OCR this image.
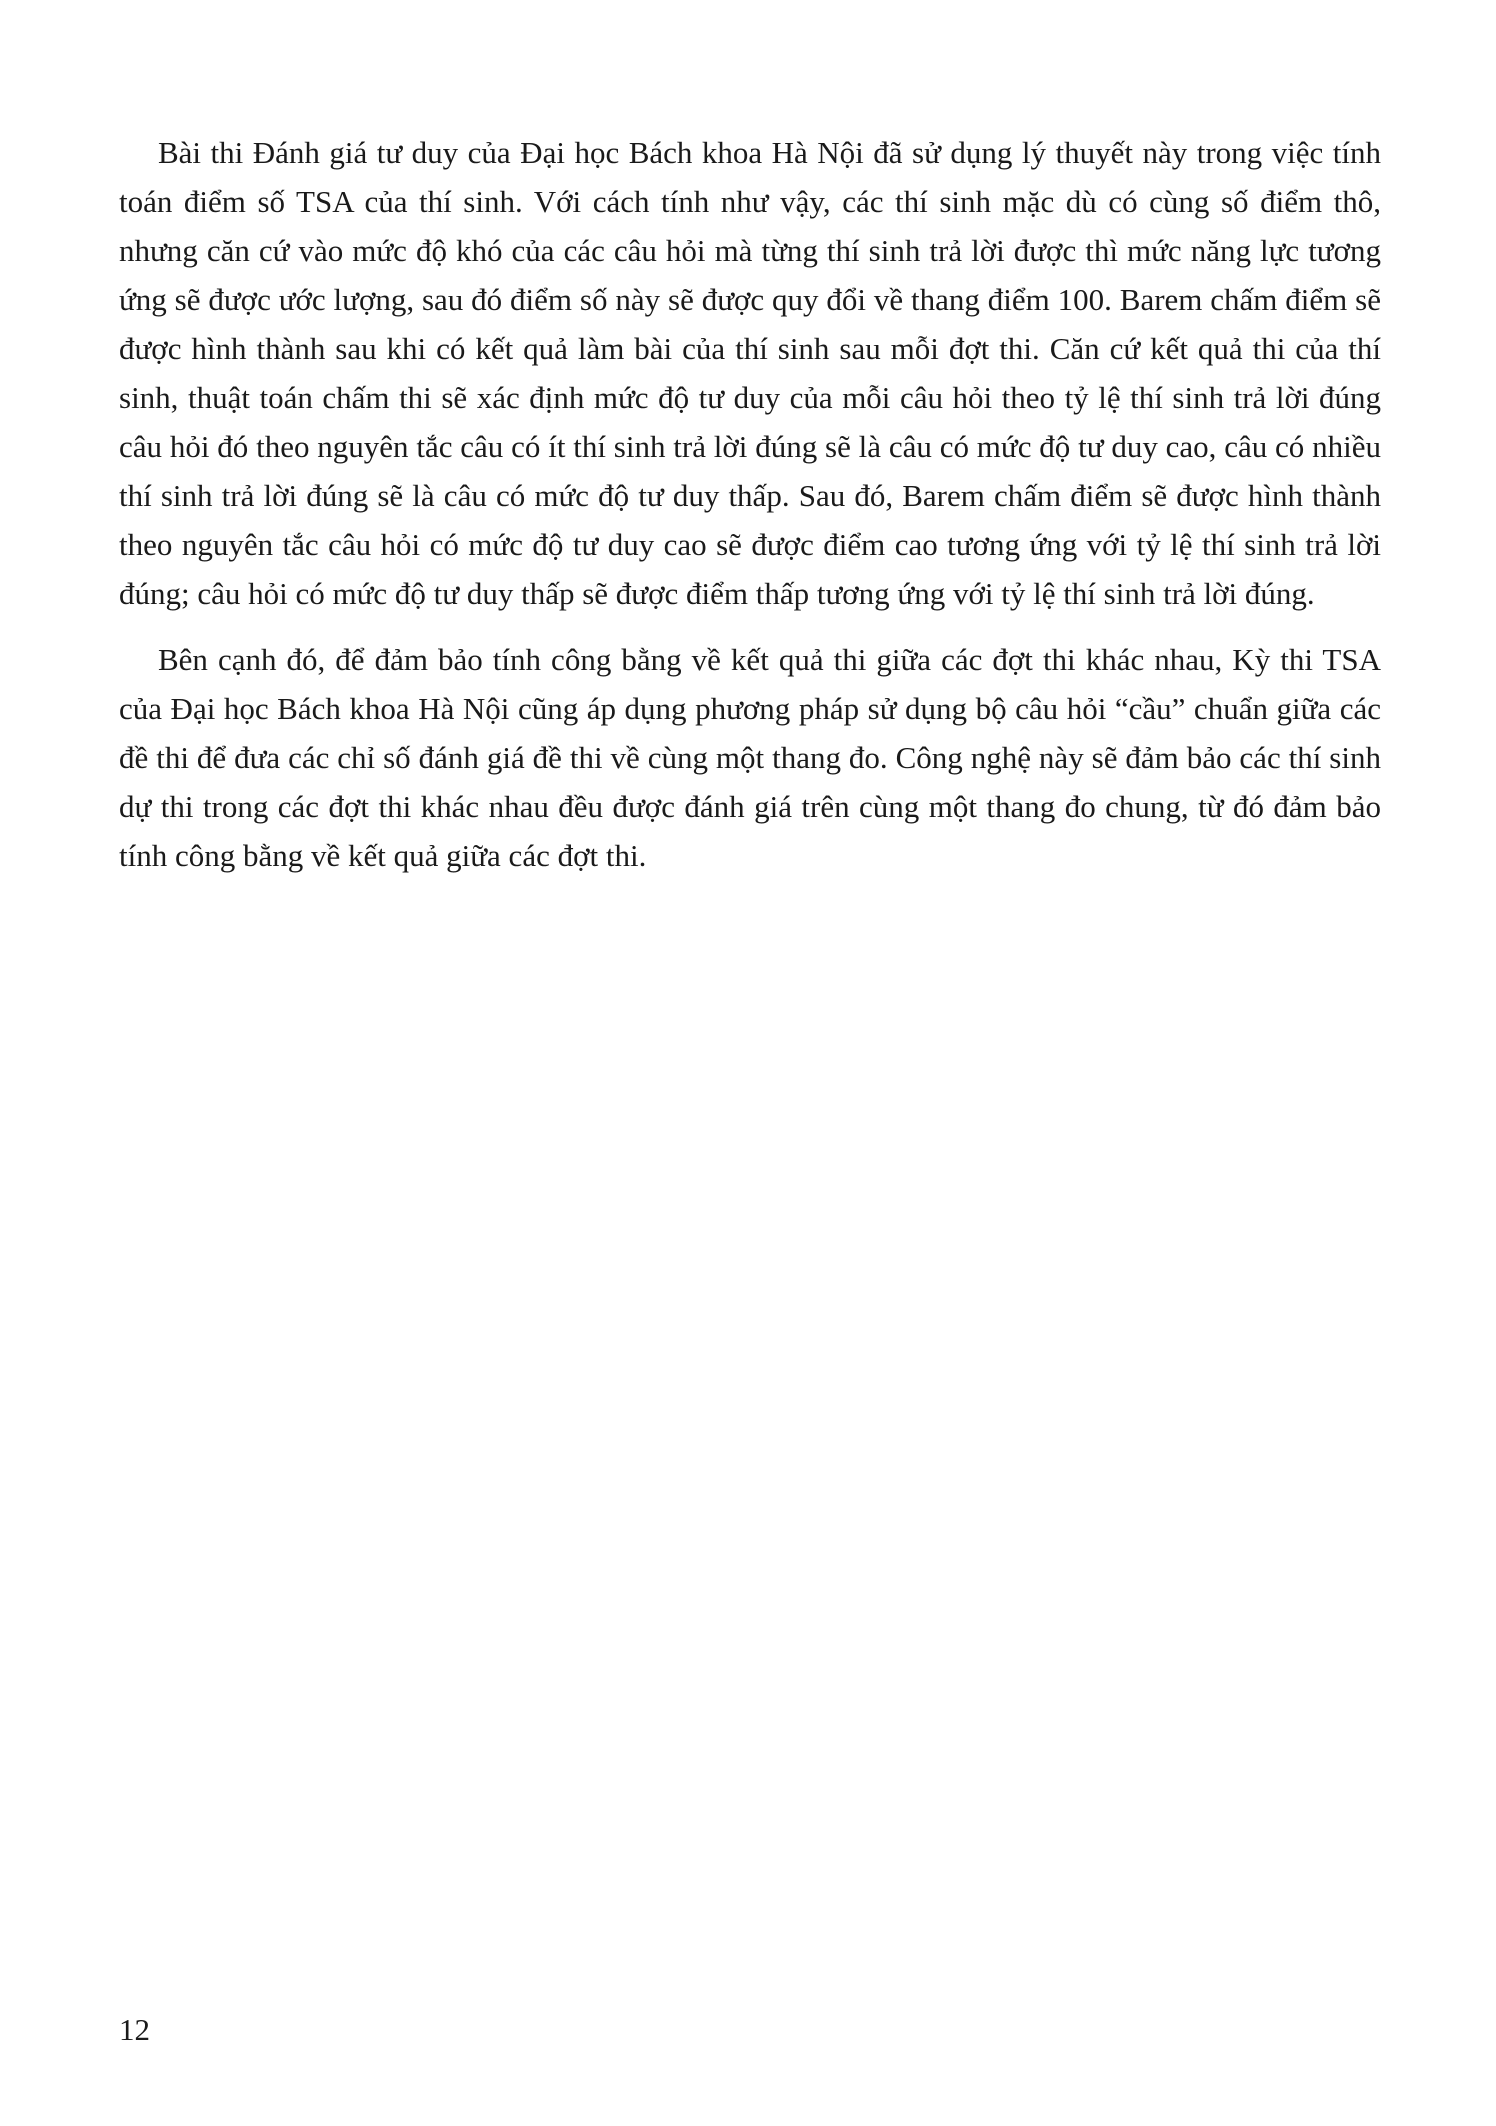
Bài thi Đánh giá tư duy của Đại học Bách khoa Hà Nội đã sử dụng lý thuyết này trong việc tính toán điểm số TSA của thí sinh. Với cách tính như vậy, các thí sinh mặc dù có cùng số điểm thô, nhưng căn cứ vào mức độ khó của các câu hỏi mà từng thí sinh trả lời được thì mức năng lực tương ứng sẽ được ước lượng, sau đó điểm số này sẽ được quy đổi về thang điểm 100. Barem chấm điểm sẽ được hình thành sau khi có kết quả làm bài của thí sinh sau mỗi đợt thi. Căn cứ kết quả thi của thí sinh, thuật toán chấm thi sẽ xác định mức độ tư duy của mỗi câu hỏi theo tỷ lệ thí sinh trả lời đúng câu hỏi đó theo nguyên tắc câu có ít thí sinh trả lời đúng sẽ là câu có mức độ tư duy cao, câu có nhiều thí sinh trả lời đúng sẽ là câu có mức độ tư duy thấp. Sau đó, Barem chấm điểm sẽ được hình thành theo nguyên tắc câu hỏi có mức độ tư duy cao sẽ được điểm cao tương ứng với tỷ lệ thí sinh trả lời đúng; câu hỏi có mức độ tư duy thấp sẽ được điểm thấp tương ứng với tỷ lệ thí sinh trả lời đúng.

Bên cạnh đó, để đảm bảo tính công bằng về kết quả thi giữa các đợt thi khác nhau, Kỳ thi TSA của Đại học Bách khoa Hà Nội cũng áp dụng phương pháp sử dụng bộ câu hỏi “cầu” chuẩn giữa các đề thi để đưa các chỉ số đánh giá đề thi về cùng một thang đo. Công nghệ này sẽ đảm bảo các thí sinh dự thi trong các đợt thi khác nhau đều được đánh giá trên cùng một thang đo chung, từ đó đảm bảo tính công bằng về kết quả giữa các đợt thi.

12
